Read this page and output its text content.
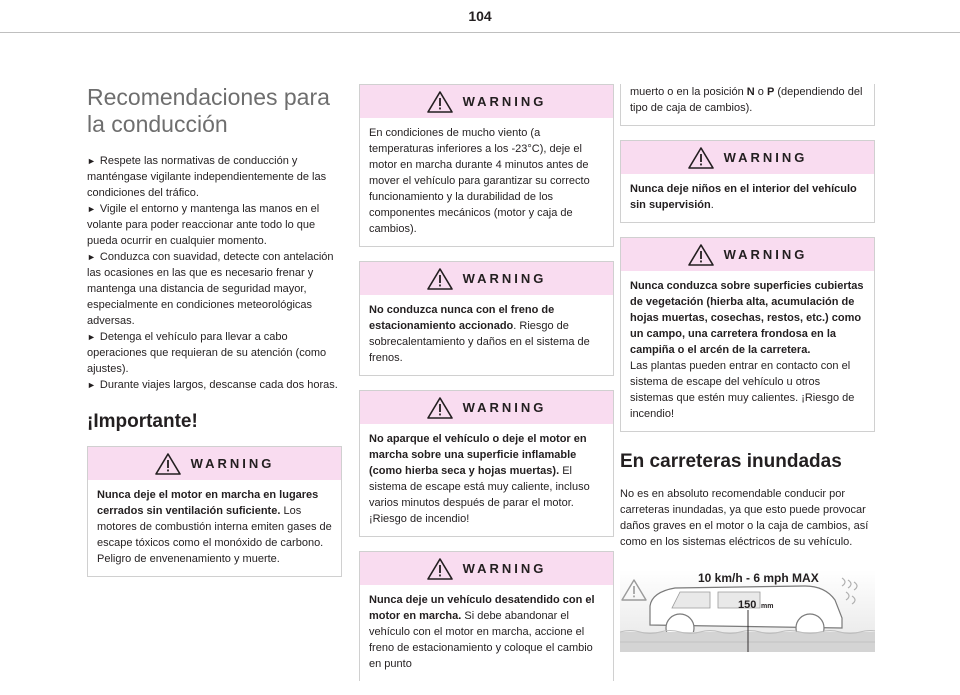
104
Recomendaciones para la conducción
► Respete las normativas de conducción y manténgase vigilante independientemente de las condiciones del tráfico.
► Vigile el entorno y mantenga las manos en el volante para poder reaccionar ante todo lo que pueda ocurrir en cualquier momento.
► Conduzca con suavidad, detecte con antelación las ocasiones en las que es necesario frenar y mantenga una distancia de seguridad mayor, especialmente en condiciones meteorológicas adversas.
► Detenga el vehículo para llevar a cabo operaciones que requieran de su atención (como ajustes).
► Durante viajes largos, descanse cada dos horas.
¡Importante!
WARNING
Nunca deje el motor en marcha en lugares cerrados sin ventilación suficiente. Los motores de combustión interna emiten gases de escape tóxicos como el monóxido de carbono. Peligro de envenenamiento y muerte.
WARNING
En condiciones de mucho viento (a temperaturas inferiores a los -23°C), deje el motor en marcha durante 4 minutos antes de mover el vehículo para garantizar su correcto funcionamiento y la durabilidad de los componentes mecánicos (motor y caja de cambios).
WARNING
No conduzca nunca con el freno de estacionamiento accionado. Riesgo de sobrecalentamiento y daños en el sistema de frenos.
WARNING
No aparque el vehículo o deje el motor en marcha sobre una superficie inflamable (como hierba seca y hojas muertas). El sistema de escape está muy caliente, incluso varios minutos después de parar el motor. ¡Riesgo de incendio!
WARNING
Nunca deje un vehículo desatendido con el motor en marcha. Si debe abandonar el vehículo con el motor en marcha, accione el freno de estacionamiento y coloque el cambio en punto
muerto o en la posición N o P (dependiendo del tipo de caja de cambios).
WARNING
Nunca deje niños en el interior del vehículo sin supervisión.
WARNING
Nunca conduzca sobre superficies cubiertas de vegetación (hierba alta, acumulación de hojas muertas, cosechas, restos, etc.) como un campo, una carretera frondosa en la campiña o el arcén de la carretera.
Las plantas pueden entrar en contacto con el sistema de escape del vehículo u otros sistemas que estén muy calientes. ¡Riesgo de incendio!
En carreteras inundadas

No es en absoluto recomendable conducir por carreteras inundadas, ya que esto puede provocar daños graves en el motor o la caja de cambios, así como en los sistemas eléctricos de su vehículo.

10 km/h - 6 mph MAX
150 mm
